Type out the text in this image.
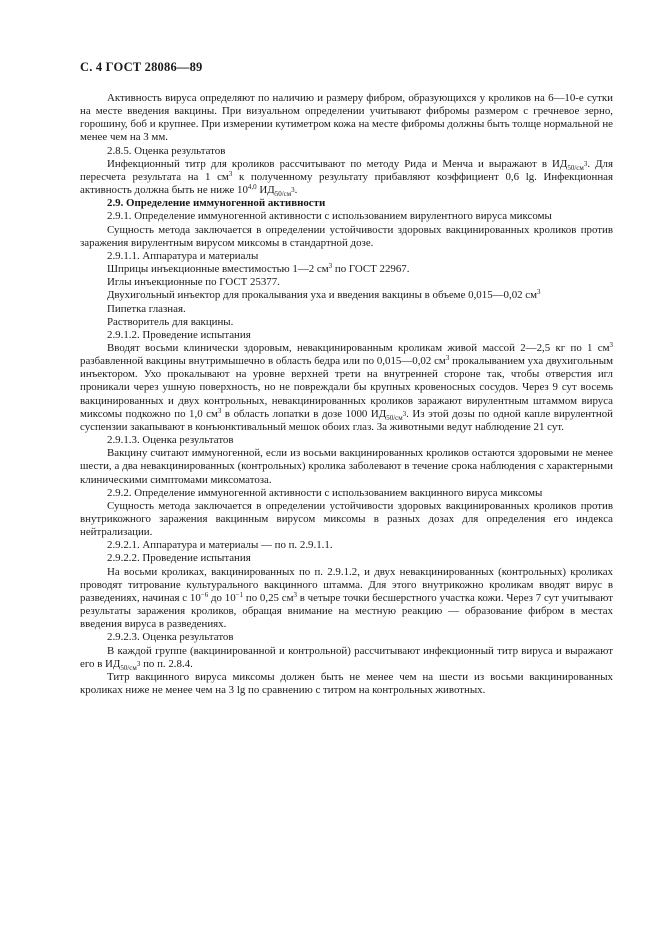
С. 4 ГОСТ 28086—89

Активность вируса определяют по наличию и размеру фибром, образующихся у кроликов на 6—10-е сутки на месте введения вакцины. При визуальном определении учитывают фибромы размером с гречневое зерно, горошину, боб и крупнее. При измерении кутиметром кожа на месте фибромы должны быть толще нормальной не менее чем на 3 мм.

2.8.5. Оценка результатов

Инфекционный титр для кроликов рассчитывают по методу Рида и Менча и выражают в $ИД_{50/см^3}$. Для пересчета результата на 1 $см^3$ к полученному результату прибавляют коэффициент 0,6 lg. Инфекционная активность должна быть не ниже 10$^{4,0}$ $ИД_{50/см^3}$.

2.9. Определение иммуногенной активности

2.9.1. Определение иммуногенной активности с использованием вирулентного вируса миксомы

Сущность метода заключается в определении устойчивости здоровых вакцинированных кроликов против заражения вирулентным вирусом миксомы в стандартной дозе.

2.9.1.1. Аппаратура и материалы

Шприцы инъекционные вместимостью 1—2 $см^3$ по ГОСТ 22967.

Иглы инъекционные по ГОСТ 25377.

Двухигольный инъектор для прокалывания уха и введения вакцины в объеме 0,015—0,02 $см^3$

Пипетка глазная.

Растворитель для вакцины.

2.9.1.2. Проведение испытания

Вводят восьми клинически здоровым, невакцинированным кроликам живой массой 2—2,5 кг по 1 $см^3$ разбавленной вакцины внутримышечно в область бедра или по 0,015—0,02 $см^3$ прокалыванием уха двухигольным инъектором. Ухо прокалывают на уровне верхней трети на внутренней стороне так, чтобы отверстия игл проникали через ушную поверхность, но не повреждали бы крупных кровеносных сосудов. Через 9 сут восемь вакцинированных и двух контрольных, невакцинированных кроликов заражают вирулентным штаммом вируса миксомы подкожно по 1,0 $см^3$ в область лопатки в дозе 1000 $ИД_{50/см^3}$. Из этой дозы по одной капле вирулентной суспензии закапывают в конъюнктивальный мешок обоих глаз. За животными ведут наблюдение 21 сут.

2.9.1.3. Оценка результатов

Вакцину считают иммуногенной, если из восьми вакцинированных кроликов остаются здоровыми не менее шести, а два невакцинированных (контрольных) кролика заболевают в течение срока наблюдения с характерными клиническими симптомами миксоматоза.

2.9.2. Определение иммуногенной активности с использованием вакцинного вируса миксомы

Сущность метода заключается в определении устойчивости здоровых вакцинированных кроликов против внутрикожного заражения вакцинным вирусом миксомы в разных дозах для определения его индекса нейтрализации.

2.9.2.1. Аппаратура и материалы — по п. 2.9.1.1.

2.9.2.2. Проведение испытания

На восьми кроликах, вакцинированных по п. 2.9.1.2, и двух невакцинированных (контрольных) кроликах проводят титрование культурального вакцинного штамма. Для этого внутрикожно кроликам вводят вирус в разведениях, начиная с $10^{-6}$ до $10^{-1}$ по 0,25 $см^3$ в четыре точки бесшерстного участка кожи. Через 7 сут учитывают результаты заражения кроликов, обращая внимание на местную реакцию — образование фибром в местах введения вируса в разведениях.

2.9.2.3. Оценка результатов

В каждой группе (вакцинированной и контрольной) рассчитывают инфекционный титр вируса и выражают его в $ИД_{50/см^3}$ по п. 2.8.4.

Титр вакцинного вируса миксомы должен быть не менее чем на шести из восьми вакцинированных кроликах ниже не менее чем на 3 lg по сравнению с титром на контрольных животных.
